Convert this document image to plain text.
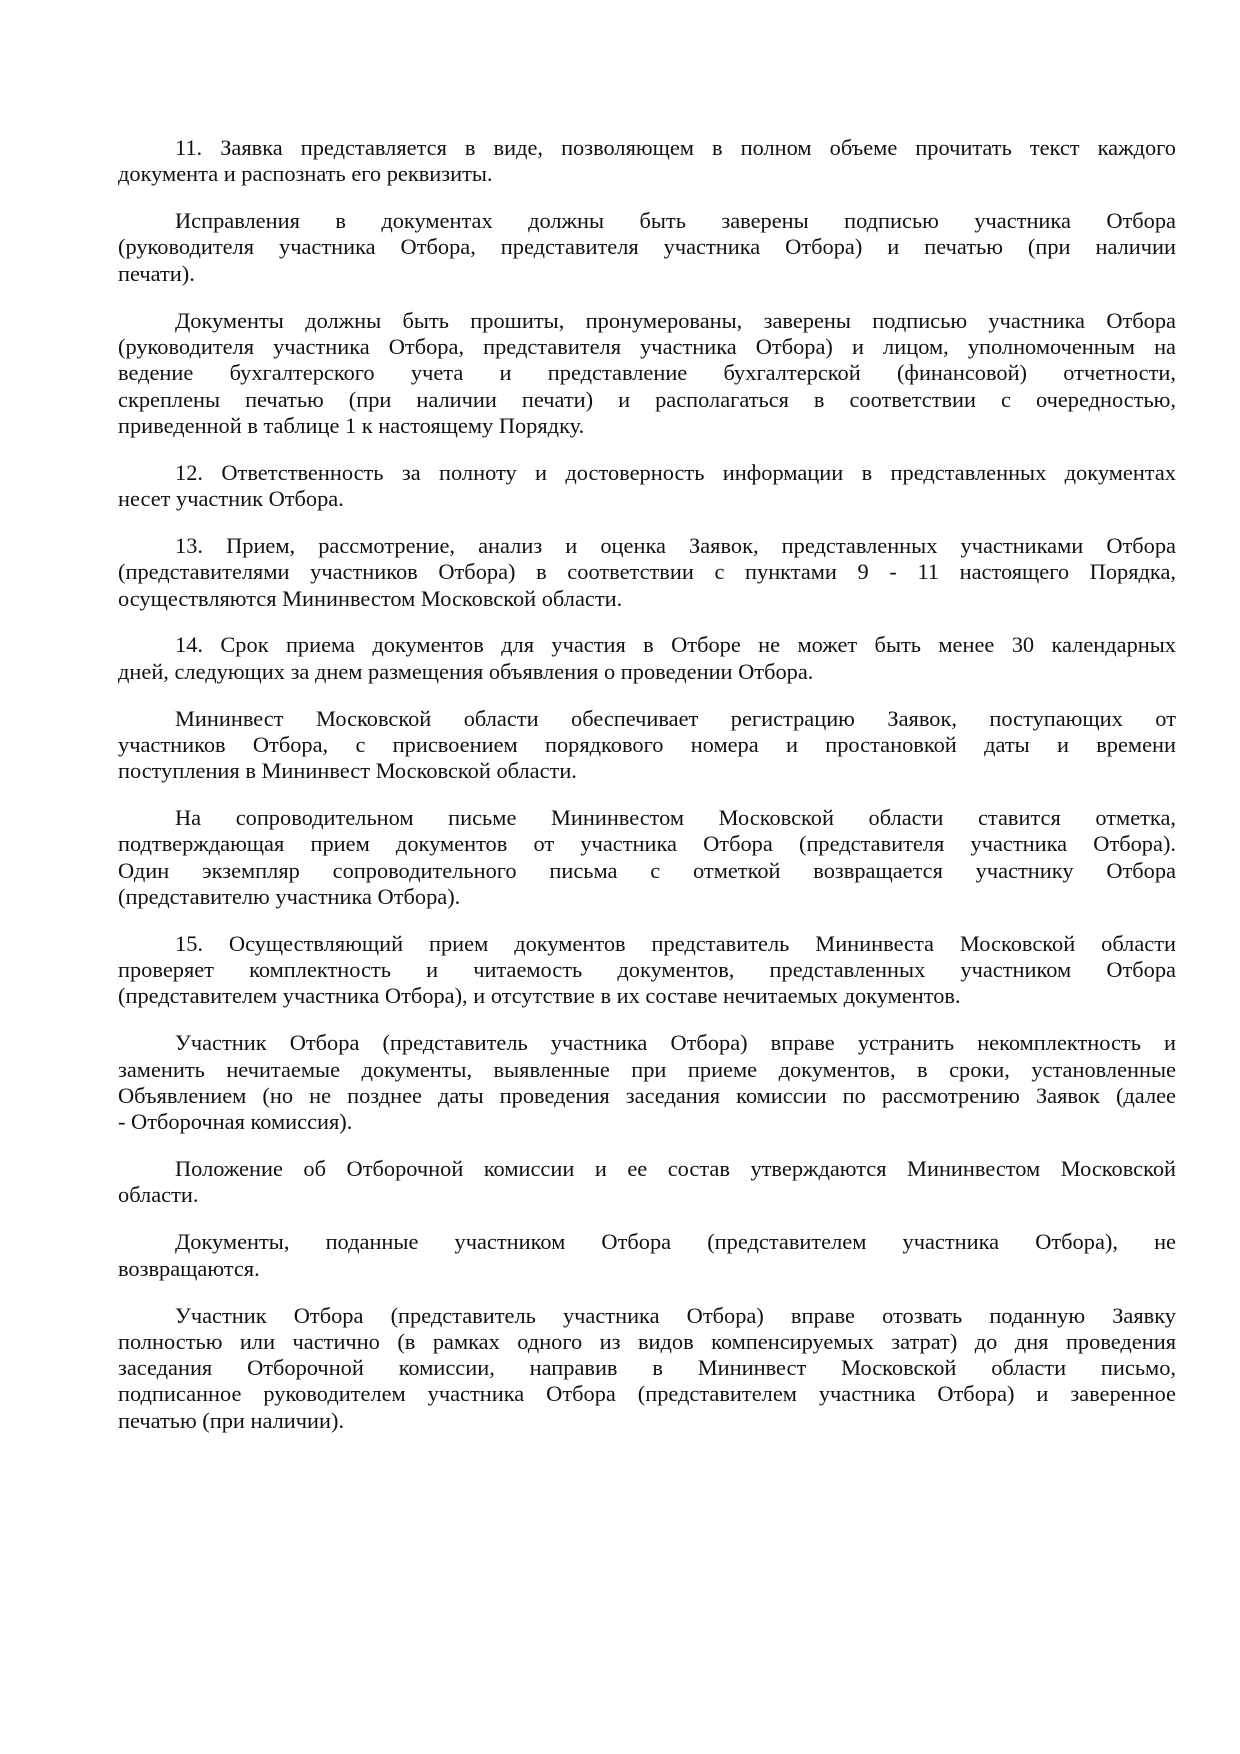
11. Заявка представляется в виде, позволяющем в полном объеме прочитать текст каждого
документа и распознать его реквизиты.
Исправления в документах должны быть заверены подписью участника Отбора
(руководителя участника Отбора, представителя участника Отбора) и печатью (при наличии
печати).
Документы должны быть прошиты, пронумерованы, заверены подписью участника Отбора
(руководителя участника Отбора, представителя участника Отбора) и лицом, уполномоченным на
ведение бухгалтерского учета и представление бухгалтерской (финансовой) отчетности,
скреплены печатью (при наличии печати) и располагаться в соответствии с очередностью,
приведенной в таблице 1 к настоящему Порядку.
12. Ответственность за полноту и достоверность информации в представленных документах
несет участник Отбора.
13. Прием, рассмотрение, анализ и оценка Заявок, представленных участниками Отбора
(представителями участников Отбора) в соответствии с пунктами 9 - 11 настоящего Порядка,
осуществляются Мининвестом Московской области.
14. Срок приема документов для участия в Отборе не может быть менее 30 календарных
дней, следующих за днем размещения объявления о проведении Отбора.
Мининвест Московской области обеспечивает регистрацию Заявок, поступающих от
участников Отбора, с присвоением порядкового номера и простановкой даты и времени
поступления в Мининвест Московской области.
На сопроводительном письме Мининвестом Московской области ставится отметка,
подтверждающая прием документов от участника Отбора (представителя участника Отбора).
Один экземпляр сопроводительного письма с отметкой возвращается участнику Отбора
(представителю участника Отбора).
15. Осуществляющий прием документов представитель Мининвеста Московской области
проверяет комплектность и читаемость документов, представленных участником Отбора
(представителем участника Отбора), и отсутствие в их составе нечитаемых документов.
Участник Отбора (представитель участника Отбора) вправе устранить некомплектность и
заменить нечитаемые документы, выявленные при приеме документов, в сроки, установленные
Объявлением (но не позднее даты проведения заседания комиссии по рассмотрению Заявок (далее
- Отборочная комиссия).
Положение об Отборочной комиссии и ее состав утверждаются Мининвестом Московской
области.
Документы, поданные участником Отбора (представителем участника Отбора), не
возвращаются.
Участник Отбора (представитель участника Отбора) вправе отозвать поданную Заявку
полностью или частично (в рамках одного из видов компенсируемых затрат) до дня проведения
заседания Отборочной комиссии, направив в Мининвест Московской области письмо,
подписанное руководителем участника Отбора (представителем участника Отбора) и заверенное
печатью (при наличии).
